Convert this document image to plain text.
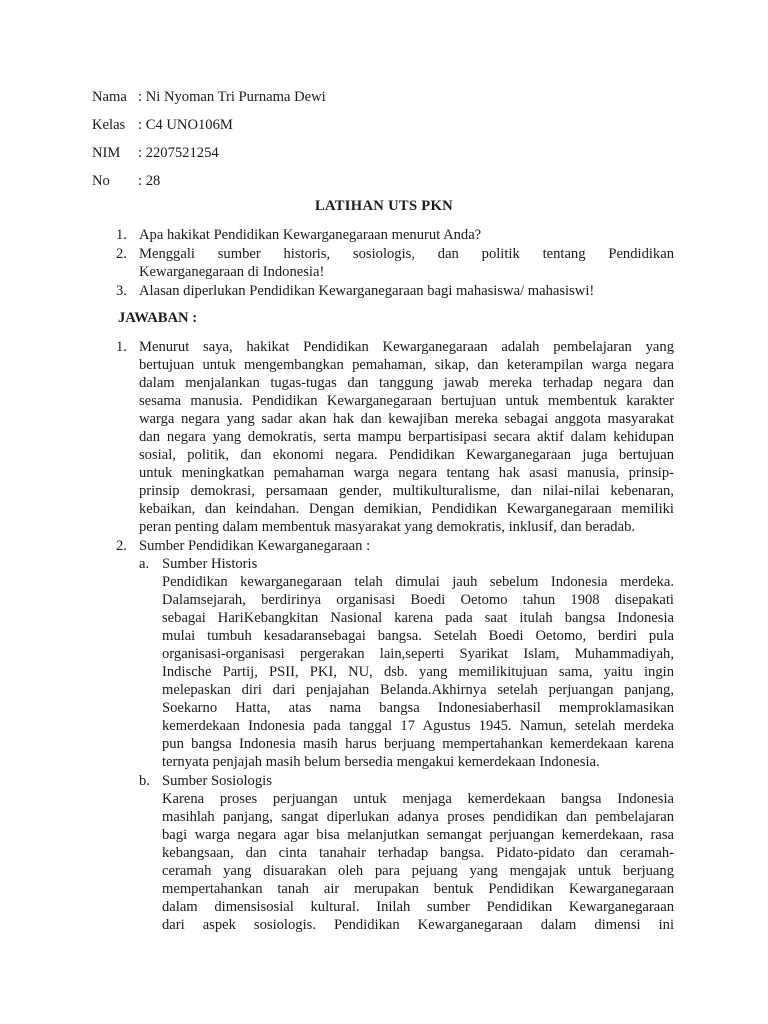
Nama : Ni Nyoman Tri Purnama Dewi
Kelas : C4 UNO106M
NIM : 2207521254
No : 28
LATIHAN UTS PKN
1. Apa hakikat Pendidikan Kewarganegaraan menurut Anda?
2. Menggali sumber historis, sosiologis, dan politik tentang Pendidikan
Kewarganegaraan di Indonesia!
3. Alasan diperlukan Pendidikan Kewarganegaraan bagi mahasiswa/ mahasiswi!
JAWABAN :
1. Menurut saya, hakikat Pendidikan Kewarganegaraan adalah pembelajaran yang
bertujuan untuk mengembangkan pemahaman, sikap, dan keterampilan warga negara
dalam menjalankan tugas-tugas dan tanggung jawab mereka terhadap negara dan
sesama manusia. Pendidikan Kewarganegaraan bertujuan untuk membentuk karakter
warga negara yang sadar akan hak dan kewajiban mereka sebagai anggota masyarakat
dan negara yang demokratis, serta mampu berpartisipasi secara aktif dalam kehidupan
sosial, politik, dan ekonomi negara. Pendidikan Kewarganegaraan juga bertujuan
untuk meningkatkan pemahaman warga negara tentang hak asasi manusia, prinsip-
prinsip demokrasi, persamaan gender, multikulturalisme, dan nilai-nilai kebenaran,
kebaikan, dan keindahan. Dengan demikian, Pendidikan Kewarganegaraan memiliki
peran penting dalam membentuk masyarakat yang demokratis, inklusif, dan beradab.
2. Sumber Pendidikan Kewarganegaraan :
a. Sumber Historis
Pendidikan kewarganegaraan telah dimulai jauh sebelum Indonesia merdeka.
Dalamsejarah, berdirinya organisasi Boedi Oetomo tahun 1908 disepakati
sebagai HariKebangkitan Nasional karena pada saat itulah bangsa Indonesia
mulai tumbuh kesadaransebagai bangsa. Setelah Boedi Oetomo, berdiri pula
organisasi-organisasi pergerakan lain,seperti Syarikat Islam, Muhammadiyah,
Indische Partij, PSII, PKI, NU, dsb. yang memilikitujuan sama, yaitu ingin
melepaskan diri dari penjajahan Belanda.Akhirnya setelah perjuangan panjang,
Soekarno Hatta, atas nama bangsa Indonesiaberhasil memproklamasikan
kemerdekaan Indonesia pada tanggal 17 Agustus 1945. Namun, setelah merdeka
pun bangsa Indonesia masih harus berjuang mempertahankan kemerdekaan karena
ternyata penjajah masih belum bersedia mengakui kemerdekaan Indonesia.
b. Sumber Sosiologis
Karena proses perjuangan untuk menjaga kemerdekaan bangsa Indonesia
masihlah panjang, sangat diperlukan adanya proses pendidikan dan pembelajaran
bagi warga negara agar bisa melanjutkan semangat perjuangan kemerdekaan, rasa
kebangsaan, dan cinta tanahair terhadap bangsa. Pidato-pidato dan ceramah-
ceramah yang disuarakan oleh para pejuang yang mengajak untuk berjuang
mempertahankan tanah air merupakan bentuk Pendidikan Kewarganegaraan
dalam dimensisosial kultural. Inilah sumber Pendidikan Kewarganegaraan
dari aspek sosiologis. Pendidikan Kewarganegaraan dalam dimensi ini
